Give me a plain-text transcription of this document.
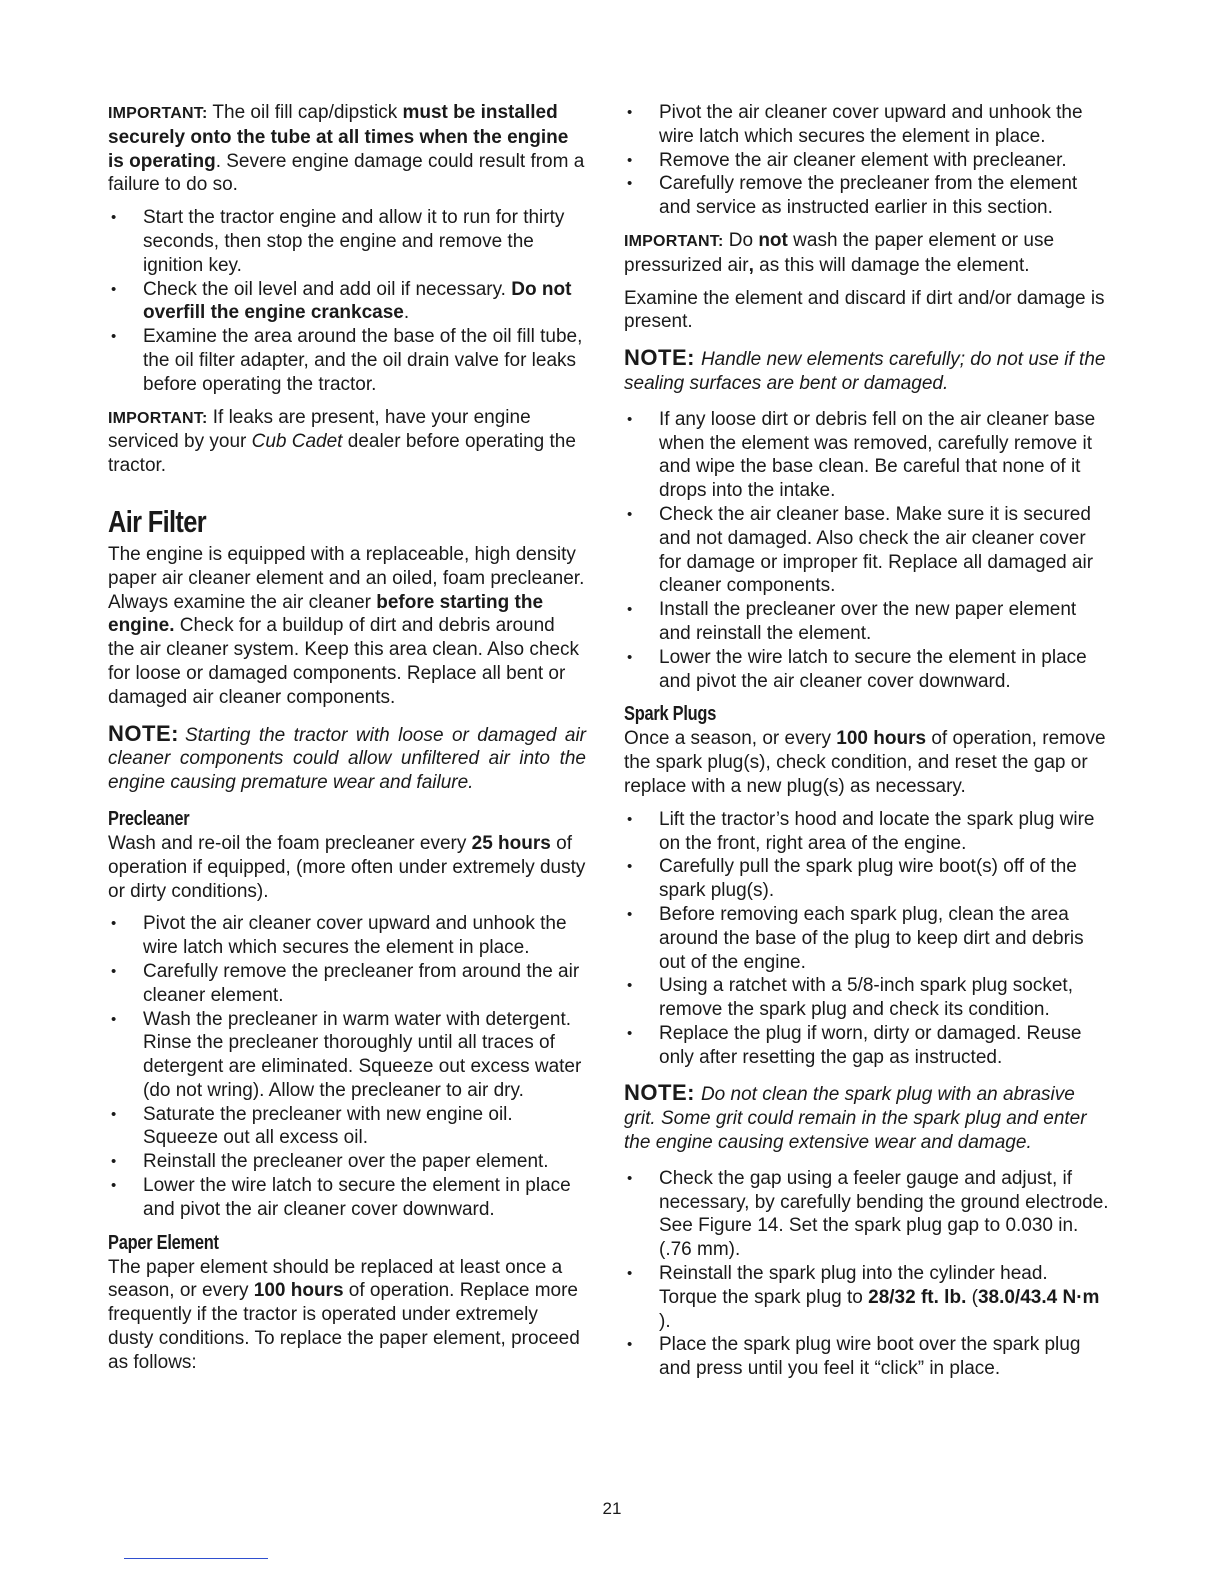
IMPORTANT: The oil fill cap/dipstick must be installed securely onto the tube at all times when the engine is operating. Severe engine damage could result from a failure to do so.

• Start the tractor engine and allow it to run for thirty seconds, then stop the engine and remove the ignition key.
• Check the oil level and add oil if necessary. Do not overfill the engine crankcase.
• Examine the area around the base of the oil fill tube, the oil filter adapter, and the oil drain valve for leaks before operating the tractor.

IMPORTANT: If leaks are present, have your engine serviced by your Cub Cadet dealer before operating the tractor.

Air Filter

The engine is equipped with a replaceable, high density paper air cleaner element and an oiled, foam precleaner. Always examine the air cleaner before starting the engine. Check for a buildup of dirt and debris around the air cleaner system. Keep this area clean. Also check for loose or damaged components. Replace all bent or damaged air cleaner components.

NOTE: Starting the tractor with loose or damaged air cleaner components could allow unfiltered air into the engine causing premature wear and failure.

Precleaner

Wash and re-oil the foam precleaner every 25 hours of operation if equipped, (more often under extremely dusty or dirty conditions).

• Pivot the air cleaner cover upward and unhook the wire latch which secures the element in place.
• Carefully remove the precleaner from around the air cleaner element.
• Wash the precleaner in warm water with detergent. Rinse the precleaner thoroughly until all traces of detergent are eliminated. Squeeze out excess water (do not wring). Allow the precleaner to air dry.
• Saturate the precleaner with new engine oil. Squeeze out all excess oil.
• Reinstall the precleaner over the paper element.
• Lower the wire latch to secure the element in place and pivot the air cleaner cover downward.
Paper Element

The paper element should be replaced at least once a season, or every 100 hours of operation. Replace more frequently if the tractor is operated under extremely dusty conditions. To replace the paper element, proceed as follows:

• Pivot the air cleaner cover upward and unhook the wire latch which secures the element in place.
• Remove the air cleaner element with precleaner.
• Carefully remove the precleaner from the element and service as instructed earlier in this section.

IMPORTANT: Do not wash the paper element or use pressurized air, as this will damage the element.

Examine the element and discard if dirt and/or damage is present.

NOTE: Handle new elements carefully; do not use if the sealing surfaces are bent or damaged.

• If any loose dirt or debris fell on the air cleaner base when the element was removed, carefully remove it and wipe the base clean. Be careful that none of it drops into the intake.
• Check the air cleaner base. Make sure it is secured and not damaged. Also check the air cleaner cover for damage or improper fit. Replace all damaged air cleaner components.
• Install the precleaner over the new paper element and reinstall the element.
• Lower the wire latch to secure the element in place and pivot the air cleaner cover downward.
Spark Plugs

Once a season, or every 100 hours of operation, remove the spark plug(s), check condition, and reset the gap or replace with a new plug(s) as necessary.

• Lift the tractor’s hood and locate the spark plug wire on the front, right area of the engine.
• Carefully pull the spark plug wire boot(s) off of the spark plug(s).
• Before removing each spark plug, clean the area around the base of the plug to keep dirt and debris out of the engine.
• Using a ratchet with a 5/8-inch spark plug socket, remove the spark plug and check its condition.
• Replace the plug if worn, dirty or damaged. Reuse only after resetting the gap as instructed.

NOTE: Do not clean the spark plug with an abrasive grit. Some grit could remain in the spark plug and enter the engine causing extensive wear and damage.

• Check the gap using a feeler gauge and adjust, if necessary, by carefully bending the ground electrode. See Figure 14. Set the spark plug gap to 0.030 in. (.76 mm).
• Reinstall the spark plug into the cylinder head. Torque the spark plug to 28/32 ft. lb. (38.0/43.4 N·m ).
• Place the spark plug wire boot over the spark plug and press until you feel it “click” in place.
21
